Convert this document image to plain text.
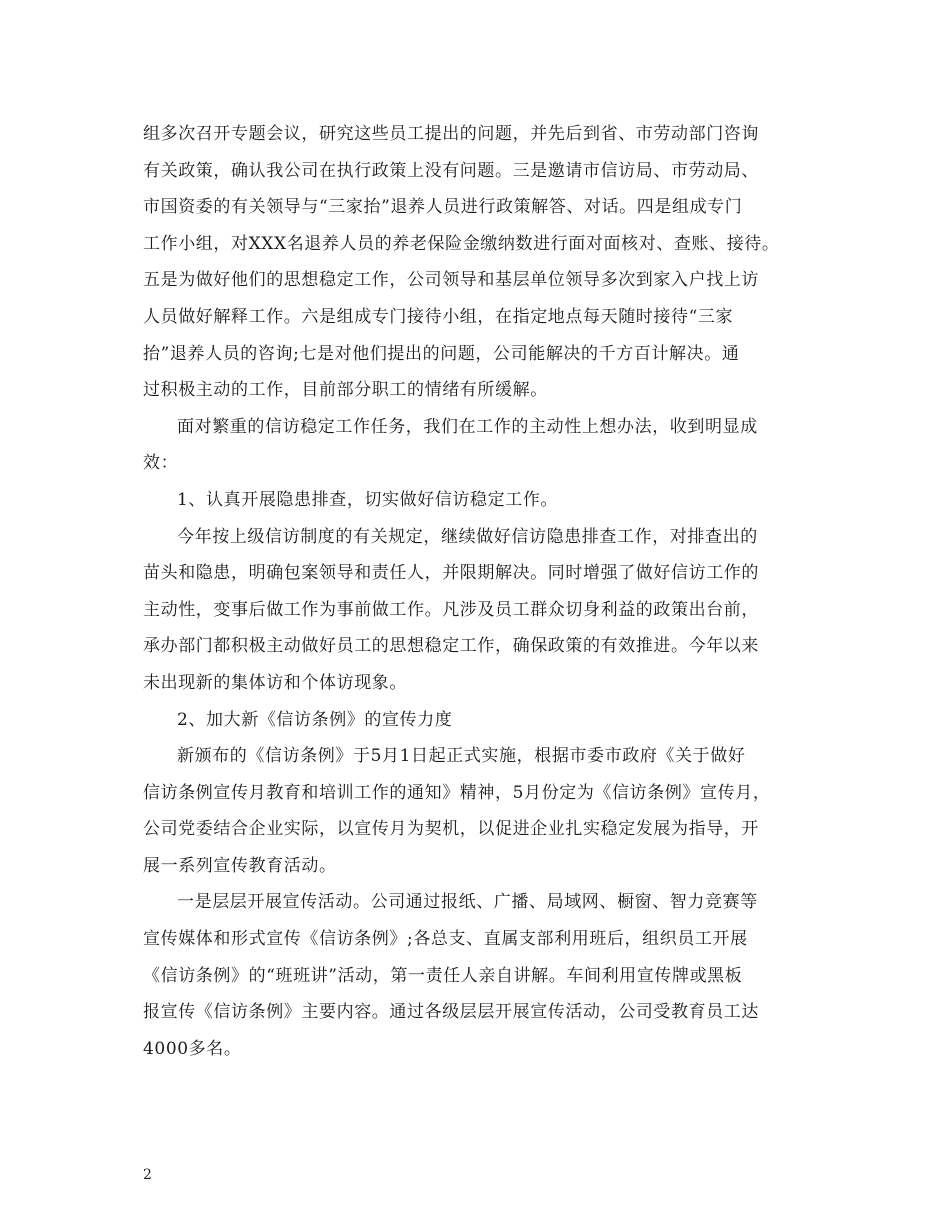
组多次召开专题会议，研究这些员工提出的问题，并先后到省、市劳动部门咨询
有关政策，确认我公司在执行政策上没有问题。三是邀请市信访局、市劳动局、
市国资委的有关领导与“三家抬”退养人员进行政策解答、对话。四是组成专门
工作小组，对XXX名退养人员的养老保险金缴纳数进行面对面核对、查账、接待。
五是为做好他们的思想稳定工作，公司领导和基层单位领导多次到家入户找上访
人员做好解释工作。六是组成专门接待小组，在指定地点每天随时接待“三家
抬”退养人员的咨询;七是对他们提出的问题，公司能解决的千方百计解决。通
过积极主动的工作，目前部分职工的情绪有所缓解。
面对繁重的信访稳定工作任务，我们在工作的主动性上想办法，收到明显成
效：
1、认真开展隐患排查，切实做好信访稳定工作。
今年按上级信访制度的有关规定，继续做好信访隐患排查工作，对排查出的
苗头和隐患，明确包案领导和责任人，并限期解决。同时增强了做好信访工作的
主动性，变事后做工作为事前做工作。凡涉及员工群众切身利益的政策出台前，
承办部门都积极主动做好员工的思想稳定工作，确保政策的有效推进。今年以来
未出现新的集体访和个体访现象。
2、加大新《信访条例》的宣传力度
新颁布的《信访条例》于5月1日起正式实施，根据市委市政府《关于做好
信访条例宣传月教育和培训工作的通知》精神，5月份定为《信访条例》宣传月，
公司党委结合企业实际，以宣传月为契机，以促进企业扎实稳定发展为指导，开
展一系列宣传教育活动。
一是层层开展宣传活动。公司通过报纸、广播、局域网、橱窗、智力竞赛等
宣传媒体和形式宣传《信访条例》;各总支、直属支部利用班后，组织员工开展
《信访条例》的“班班讲”活动，第一责任人亲自讲解。车间利用宣传牌或黑板
报宣传《信访条例》主要内容。通过各级层层开展宣传活动，公司受教育员工达
4000多名。
2
